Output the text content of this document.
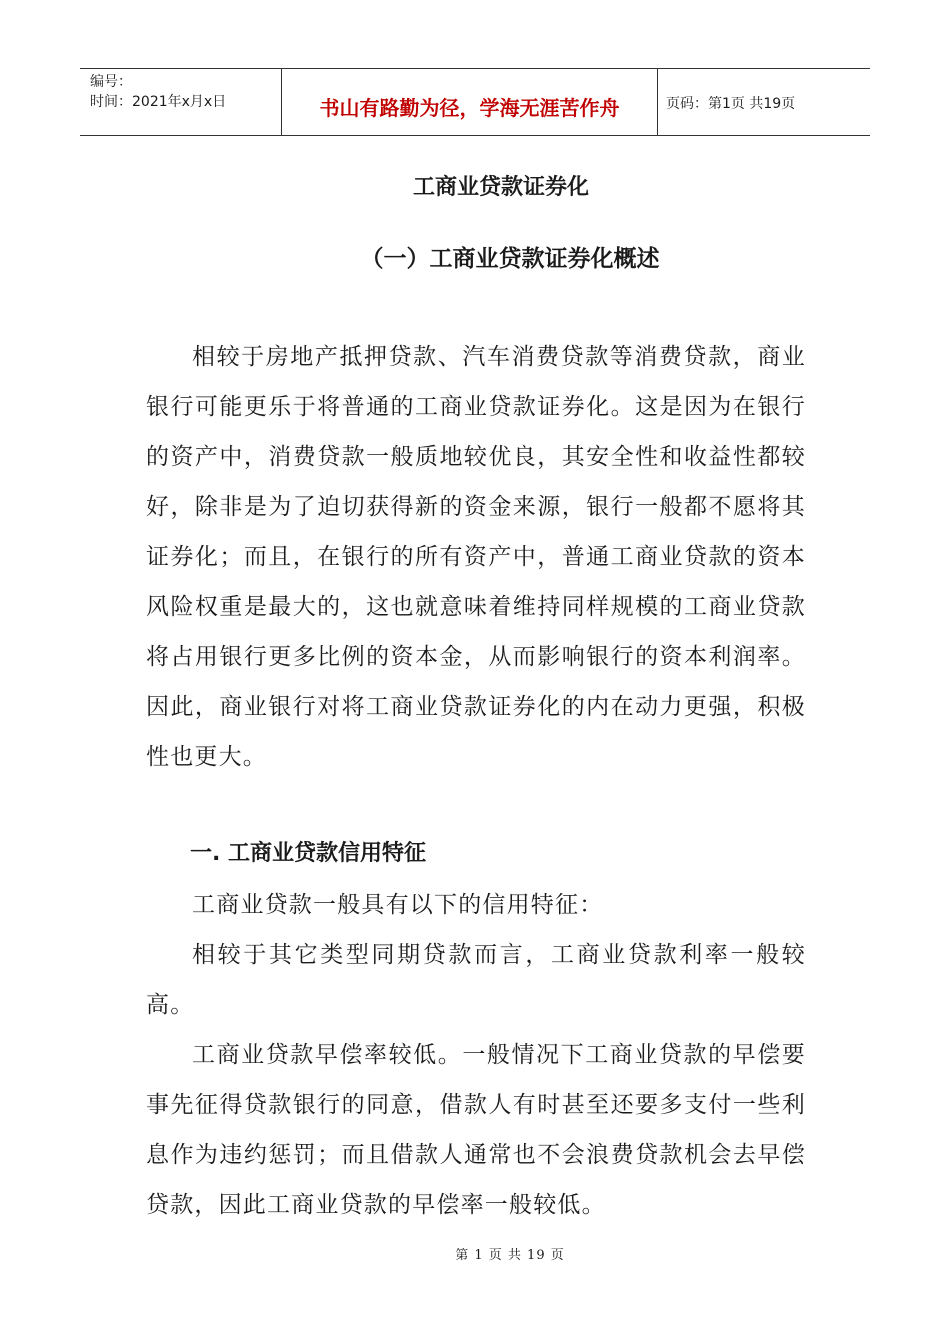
编号：
时间：2021年x月x日	书山有路勤为径，学海无涯苦作舟	页码：第1页 共19页
工商业贷款证券化
（一）工商业贷款证券化概述

相较于房地产抵押贷款、汽车消费贷款等消费贷款，商业银行可能更乐于将普通的工商业贷款证券化。这是因为在银行的资产中，消费贷款一般质地较优良，其安全性和收益性都较好，除非是为了迫切获得新的资金来源，银行一般都不愿将其证券化；而且，在银行的所有资产中，普通工商业贷款的资本风险权重是最大的，这也就意味着维持同样规模的工商业贷款将占用银行更多比例的资本金，从而影响银行的资本利润率。因此，商业银行对将工商业贷款证券化的内在动力更强，积极性也更大。

一. 工商业贷款信用特征

工商业贷款一般具有以下的信用特征：

相较于其它类型同期贷款而言，工商业贷款利率一般较高。

工商业贷款早偿率较低。一般情况下工商业贷款的早偿要事先征得贷款银行的同意，借款人有时甚至还要多支付一些利息作为违约惩罚；而且借款人通常也不会浪费贷款机会去早偿贷款，因此工商业贷款的早偿率一般较低。

第 1 页 共 19 页
